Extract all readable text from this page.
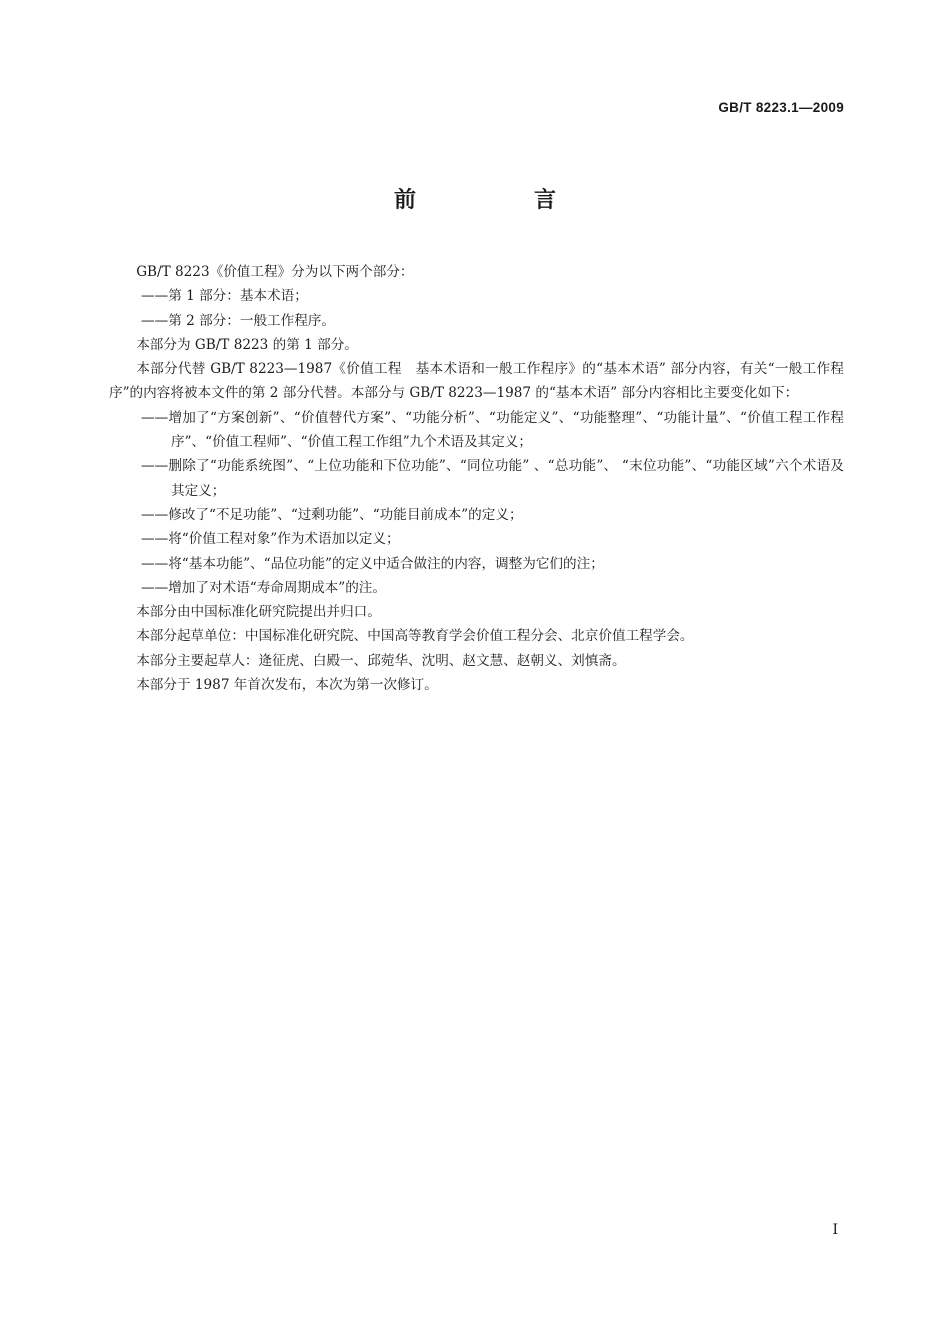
GB/T 8223.1—2009
前　言

GB/T 8223《价值工程》分为以下两个部分：

——第 1 部分：基本术语；

——第 2 部分：一般工作程序。

本部分为 GB/T 8223 的第 1 部分。

本部分代替 GB/T 8223—1987《价值工程　基本术语和一般工作程序》的“基本术语” 部分内容，有关“一般工作程序”的内容将被本文件的第 2 部分代替。本部分与 GB/T 8223—1987 的“基本术语” 部分内容相比主要变化如下：

——增加了“方案创新”、“价值替代方案”、“功能分析”、“功能定义”、“功能整理”、“功能计量”、“价值工程工作程序”、“价值工程师”、“价值工程工作组”九个术语及其定义；

——删除了“功能系统图”、“上位功能和下位功能”、“同位功能” 、“总功能”、 “末位功能”、“功能区域”六个术语及其定义；

——修改了“不足功能”、“过剩功能”、“功能目前成本”的定义；

——将“价值工程对象”作为术语加以定义；

——将“基本功能”、“品位功能”的定义中适合做注的内容，调整为它们的注；

——增加了对术语“寿命周期成本”的注。

本部分由中国标准化研究院提出并归口。

本部分起草单位：中国标准化研究院、中国高等教育学会价值工程分会、北京价值工程学会。

本部分主要起草人：逄征虎、白殿一、邱菀华、沈明、赵文慧、赵朝义、刘慎斋。

本部分于 1987 年首次发布，本次为第一次修订。

I
